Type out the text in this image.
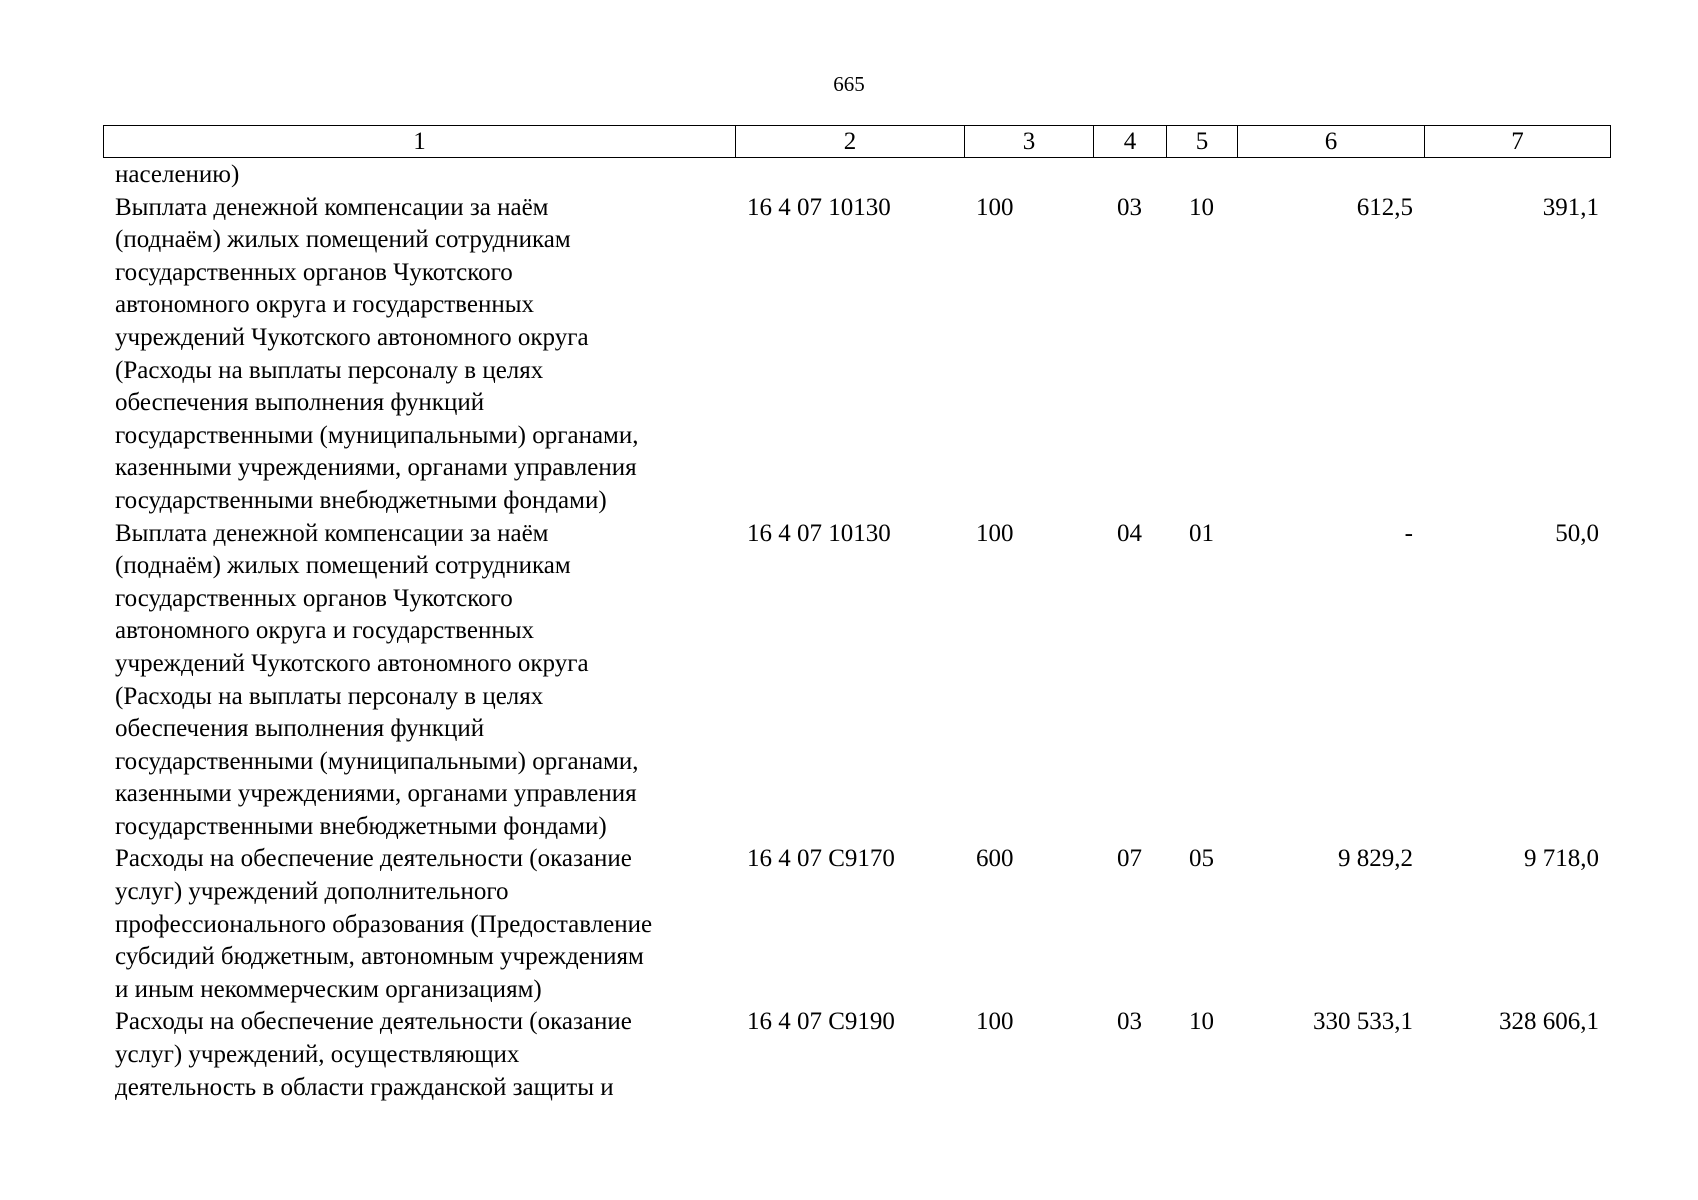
665
1	2	3	4	5	6	7
населению)
Выплата денежной компенсации за наём
(поднаём) жилых помещений сотрудникам
государственных органов Чукотского
автономного округа и государственных
учреждений Чукотского автономного округа
(Расходы на выплаты персоналу в целях
обеспечения выполнения функций
государственными (муниципальными) органами,
казенными учреждениями, органами управления
государственными внебюджетными фондами)
16 4 07 10130	100	03	10	612,5	391,1
Выплата денежной компенсации за наём
(поднаём) жилых помещений сотрудникам
государственных органов Чукотского
автономного округа и государственных
учреждений Чукотского автономного округа
(Расходы на выплаты персоналу в целях
обеспечения выполнения функций
государственными (муниципальными) органами,
казенными учреждениями, органами управления
государственными внебюджетными фондами)
16 4 07 10130	100	04	01	-	50,0
Расходы на обеспечение деятельности (оказание
услуг) учреждений дополнительного
профессионального образования (Предоставление
субсидий бюджетным, автономным учреждениям
и иным некоммерческим организациям)
16 4 07 С9170	600	07	05	9 829,2	9 718,0
Расходы на обеспечение деятельности (оказание
услуг) учреждений, осуществляющих
деятельность в области гражданской защиты и
16 4 07 С9190	100	03	10	330 533,1	328 606,1
